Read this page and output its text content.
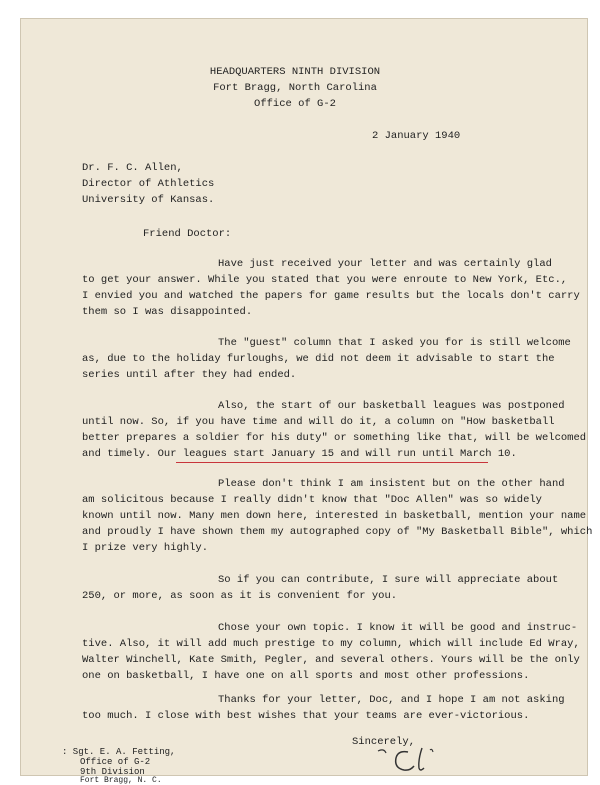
HEADQUARTERS NINTH DIVISION
Fort Bragg, North Carolina
Office of G-2
2 January 1940
Dr. F. C. Allen,
Director of Athletics
University of Kansas.
Friend Doctor:
Have just received your letter and was certainly glad
to get your answer. While you stated that you were enroute to New York, Etc.,
I envied you and watched the papers for game results but the locals don't carry
them so I was disappointed.
The "guest" column that I asked you for is still welcome
as, due to the holiday furloughs, we did not deem it advisable to start the
series until after they had ended.
Also, the start of our basketball leagues was postponed
until now. So, if you have time and will do it, a column on "How basketball
better prepares a soldier for his duty" or something like that, will be welcomed
and timely. Our leagues start January 15 and will run until March 10.
Please don't think I am insistent but on the other hand
am solicitous because I really didn't know that "Doc Allen" was so widely
known until now. Many men down here, interested in basketball, mention your name
and proudly I have shown them my autographed copy of "My Basketball Bible", which
I prize very highly.
So if you can contribute, I sure will appreciate about
250, or more, as soon as it is convenient for you.
Chose your own topic. I know it will be good and instruc-
tive. Also, it will add much prestige to my column, which will include Ed Wray,
Walter Winchell, Kate Smith, Pegler, and several others. Yours will be the only
one on basketball, I have one on all sports and most other professions.
Thanks for your letter, Doc, and I hope I am not asking
too much. I close with best wishes that your teams are ever-victorious.
Sincerely,
: Sgt. E. A. Fetting,
Office of G-2
9th Division
Fort Bragg, N. C.
